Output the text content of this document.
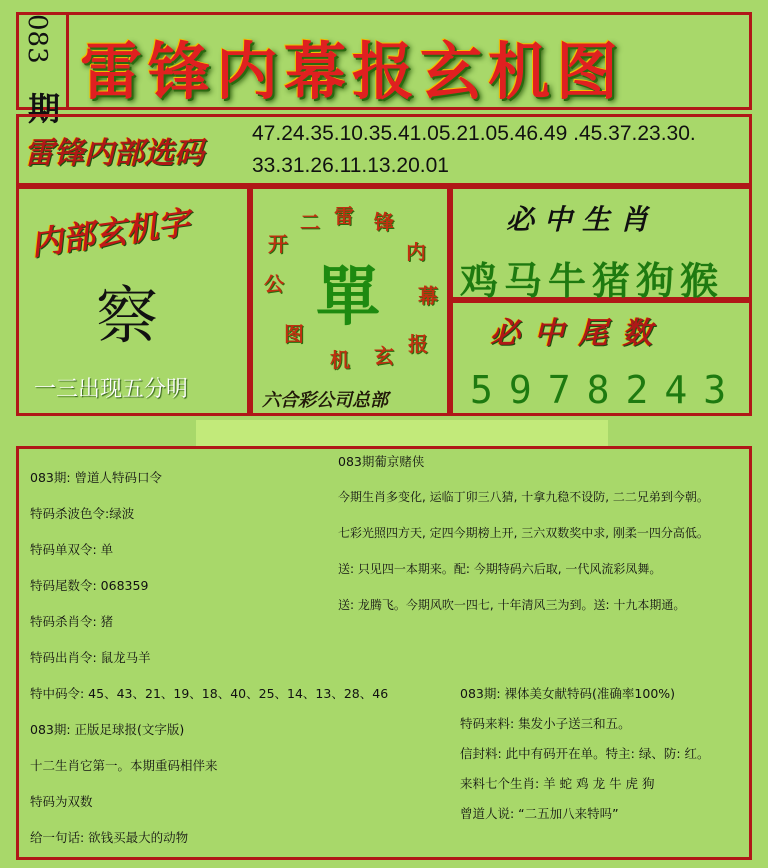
083
期
雷锋内幕报玄机图
雷锋内部选码
47.24.35.10.35.41.05.21.05.46.49 .45.37.23.30.
33.31.26.11.13.20.01
内部玄机字
察
一三出现五分明
雷 锋
内
幕
报
玄
机
图
公
开
二
單
六合彩公司总部
必中生肖
鸡马牛猪狗猴
必中尾数
5978243
083期: 曾道人特码口令
特码杀波色令:绿波
特码单双令: 单
特码尾数令: 068359
特码杀肖令: 猪
特码出肖令: 鼠龙马羊
特中码令: 45、43、21、19、18、40、25、14、13、28、46
083期: 正版足球报(文字版)
十二生肖它第一。本期重码相伴来
特码为双数
给一句话: 欲钱买最大的动物
083期葡京赌侠
今期生肖多变化, 运临丁卯三八猜, 十拿九稳不设防, 二二兄弟到今朝。
七彩光照四方天, 定四今期榜上开, 三六双数奖中求, 刚柔一四分高低。
送: 只见四一本期来。配: 今期特码六后取, 一代风流彩凤舞。
送: 龙腾飞。今期风吹一四七, 十年清风三为到。送: 十九本期通。
083期: 裸体美女献特码(准确率100%)
特码来料: 集发小子送三和五。
信封料: 此中有码开在单。特主: 绿、防: 红。
来料七个生肖: 羊 蛇 鸡 龙 牛 虎 狗
曾道人说: “二五加八来特吗”
